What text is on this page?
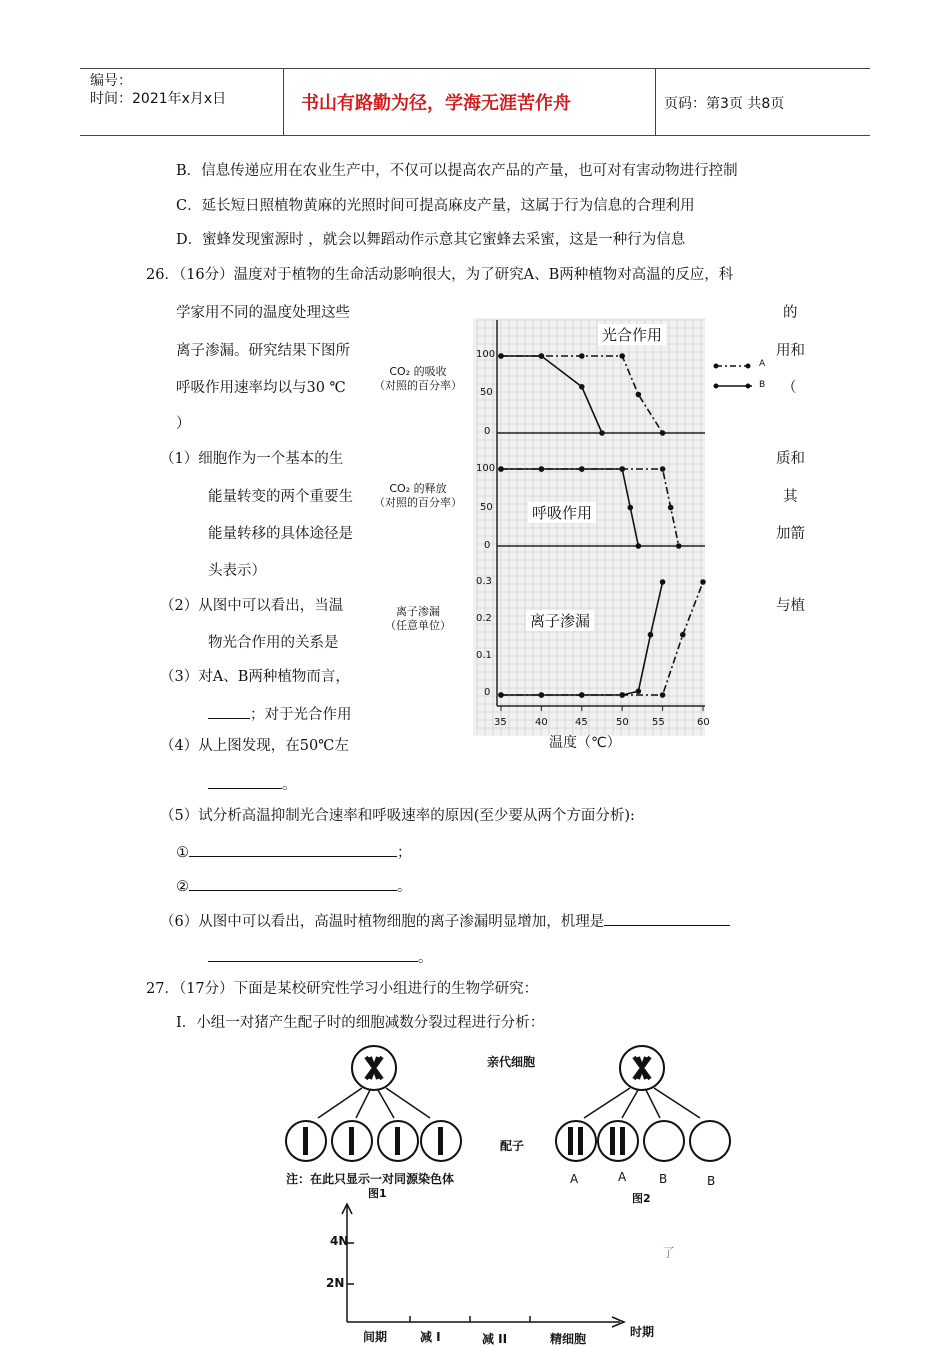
编号：
时间：2021年x月x日	书山有路勤为径，学海无涯苦作舟	页码：第3页 共8页
B．信息传递应用在农业生产中，不仅可以提高农产品的产量，也可对有害动物进行控制
C．延长短日照植物黄麻的光照时间可提高麻皮产量，这属于行为信息的合理利用
D．蜜蜂发现蜜源时 ，就会以舞蹈动作示意其它蜜蜂去采蜜，这是一种行为信息
26．（16分）温度对于植物的生命活动影响很大，为了研究A、B两种植物对高温的反应，科
学家用不同的温度处理这些	的
离子渗漏。研究结果下图所	用和
呼吸作用速率均以与30 ℃	（
）
（1）细胞作为一个基本的生	质和
能量转变的两个重要生	其
能量转移的具体途径是	加箭
头表示）
（2）从图中可以看出，当温	与植
物光合作用的关系是
（3）对A、B两种植物而言，
；对于光合作用
（4）从上图发现，在50℃左
。
（5）试分析高温抑制光合速率和呼吸速率的原因(至少要从两个方面分析):
①	；
②	。
（6）从图中可以看出，高温时植物细胞的离子渗漏明显增加，机理是
。
CO₂ 的吸收
（对照的百分率）
CO₂ 的释放
（对照的百分率）
离子渗漏
（任意单位）
光合作用
呼吸作用
离子渗漏
温度（℃）
A
B
100
50
0
100
50
0
0.3
0.2
0.1
0
35	40	45	50 55	60
27．（17分）下面是某校研究性学习小组进行的生物学研究：
I．小组一对猪产生配子时的细胞减数分裂过程进行分析：
亲代细胞
配子
注：在此只显示一对同源染色体
图1	图2
A	A	B	B
了
4N
2N
间期	减 I	减 II	精细胞	时期
